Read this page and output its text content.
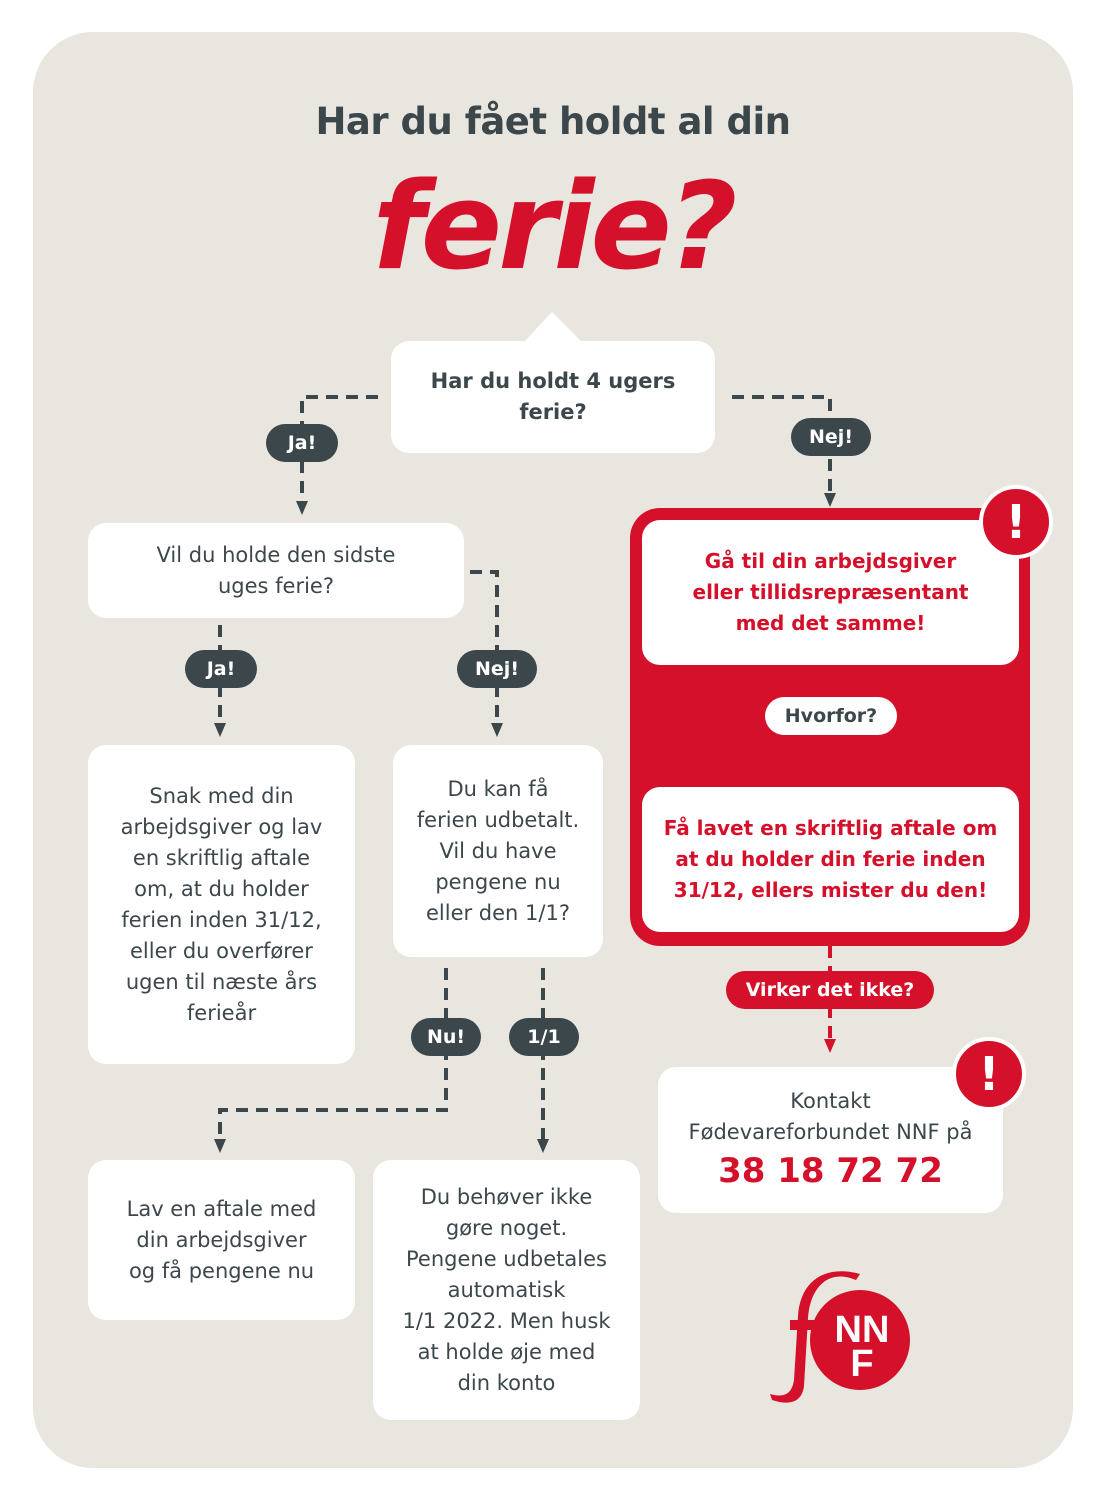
Har du fået holdt al din
ferie?
Har du holdt 4 ugers
ferie?
Ja!	Nej!
Vil du holde den sidste
uges ferie?
Ja!	Nej!
Snak med din
arbejdsgiver og lav
en skriftlig aftale
om, at du holder
ferien inden 31/12,
eller du overfører
ugen til næste års
ferieår
Du kan få
ferien udbetalt.
Vil du have
pengene nu
eller den 1/1?
Nu!	1/1
Lav en aftale med
din arbejdsgiver
og få pengene nu
Du behøver ikke
gøre noget.
Pengene udbetales
automatisk
1/1 2022. Men husk
at holde øje med
din konto
Gå til din arbejdsgiver
eller tillidsrepræsentant
med det samme!
Hvorfor?
Få lavet en skriftlig aftale om
at du holder din ferie inden
31/12, ellers mister du den!
!
Virker det ikke?
Kontakt
Fødevareforbundet NNF på
38 18 72 72
!
NN
F
